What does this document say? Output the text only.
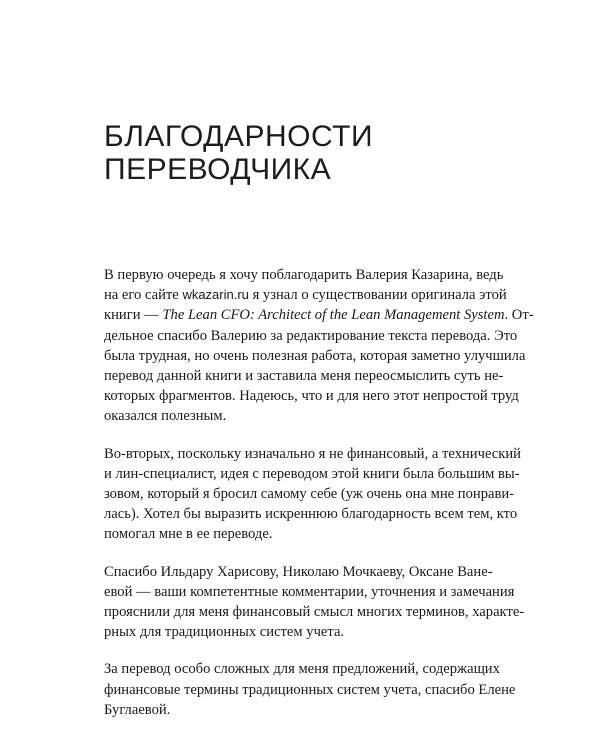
БЛАГОДАРНОСТИ
ПЕРЕВОДЧИКА
В первую очередь я хочу поблагодарить Валерия Казарина, ведь
на его сайте wkazarin.ru я узнал о существовании оригинала этой
книги — The Lean CFO: Architect of the Lean Management System. От-
дельное спасибо Валерию за редактирование текста перевода. Это
была трудная, но очень полезная работа, которая заметно улучшила
перевод данной книги и заставила меня переосмыслить суть не-
которых фрагментов. Надеюсь, что и для него этот непростой труд
оказался полезным.
Во-вторых, поскольку изначально я не финансовый, а технический
и лин-специалист, идея с переводом этой книги была большим вы-
зовом, который я бросил самому себе (уж очень она мне понрави-
лась). Хотел бы выразить искреннюю благодарность всем тем, кто
помогал мне в ее переводе.
Спасибо Ильдару Харисову, Николаю Мочкаеву, Оксане Ване-
евой — ваши компетентные комментарии, уточнения и замечания
прояснили для меня финансовый смысл многих терминов, характе-
рных для традиционных систем учета.
За перевод особо сложных для меня предложений, содержащих
финансовые термины традиционных систем учета, спасибо Елене
Буглаевой.
